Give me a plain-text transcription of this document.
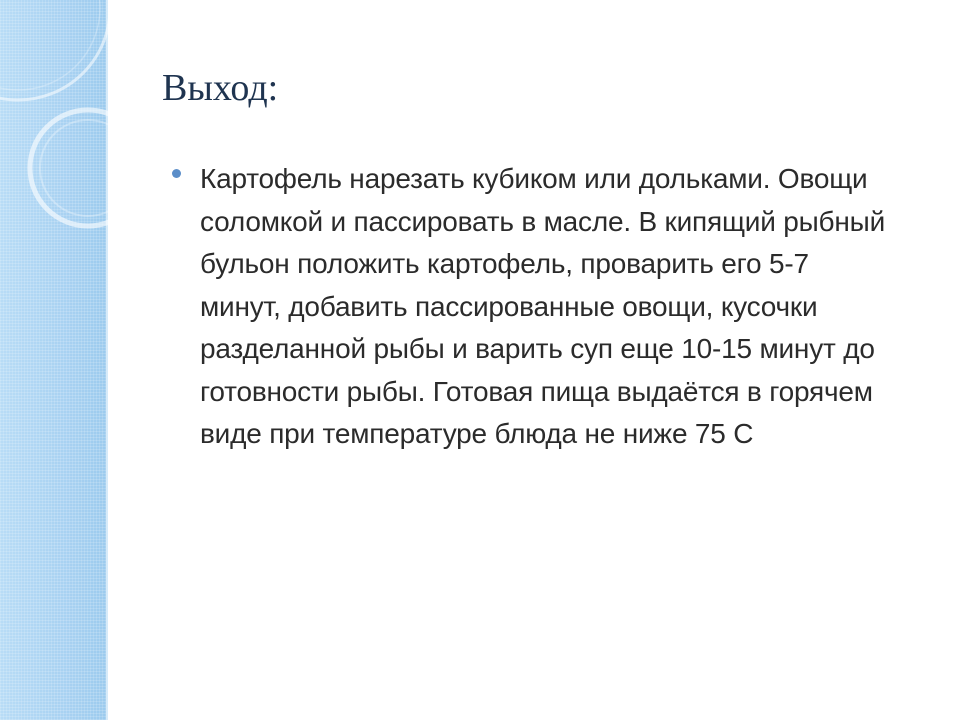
Выход:

Картофель нарезать кубиком или дольками. Овощи соломкой и пассировать в масле. В кипящий рыбный бульон положить картофель, проварить его 5-7 минут, добавить пассированные овощи, кусочки разделанной рыбы и варить суп еще 10-15 минут до готовности рыбы. Готовая пища выдаётся в горячем виде при температуре блюда не ниже 75 С
